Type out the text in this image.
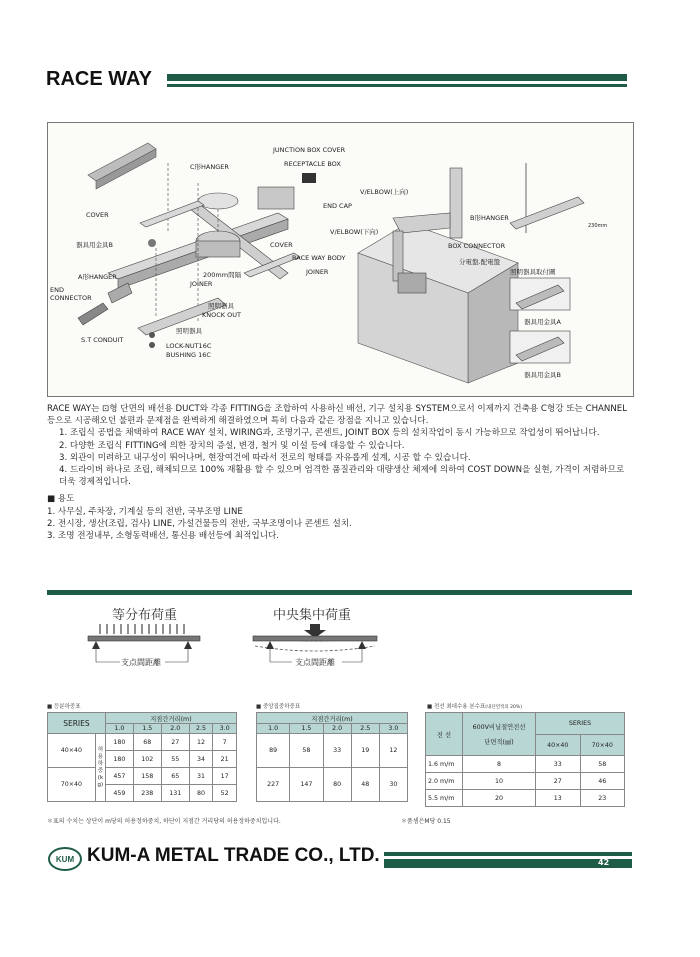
RACE WAY
JUNCTION BOX COVER
C形HANGER	RECEPTACLE BOX
END CAP
COVER
器具用金具B
A形HANGER
END
CONNECTOR
S.T CONDUIT
COVER
RACE WAY BODY
200mm間隔
JOINER
JOINER
照明器具
KNOCK OUT
照明器具
LOCK-NUT16C
BUSHING 16C
V/ELBOW(上向)
V/ELBOW(下向)
B形HANGER
BOX CONNECTOR
分電盤.配電盤
照明器具取付圖
器具用金具A
器具用金具B
230mm

RACE WAY는 ⊡형 단면의 배선용 DUCT와 각종 FITTING을 조합하여 사용하신 배선, 기구 설치용 SYSTEM으로서 이제까지 건축용 C형강 또는 CHANNEL 등으로 시공해오던 불편과 문제점을 완벽하게 해결하였으며 특히 다음과 같은 장점을 지니고 있습니다.

1. 조립식 공법을 채택하여 RACE WAY 설치, WIRING과, 조명기구, 콘센트, JOINT BOX 등의 설치작업이 동시 가능하므로 작업성이 뛰어납니다.

2. 다양한 조립식 FITTING에 의한 장치의 증설, 변경, 철거 및 이설 등에 대응할 수 있습니다.

3. 외관이 미려하고 내구성이 뛰어나며, 현장여건에 따라서 전로의 형태를 자유롭게 설계, 시공 할 수 있습니다.

4. 드라이버 하나로 조립, 해체되므로 100% 재활용 할 수 있으며 엄격한 품질관리와 대량생산 체제에 의하여 COST DOWN을 실현, 가격이 저렴하므로 더욱 경제적입니다.

■ 용도

1. 사무실, 주차장, 기계실 등의 전반, 국부조명 LINE

2. 전시장, 생산(조립, 검사) LINE, 가설건물등의 전반, 국부조명이나 콘센트 설치.

3. 조명 전정내부, 소형동력배선, 통신용 배선등에 최적입니다.

等分布荷重	中央集中荷重
支点間距離	支点間距離
■ 등분하중표
SERIES		지점간거리(m)				
		1.0	1.5	2.0	2.5	3.0
40×40	허용하중(kg)	180	68	27	12	7
		180	102	55	34	21
70×40		457	158	65	31	17
		459	238	131	80	52
■ 중앙집중하중표
지점간거리(m)				
1.0	1.5	2.0	2.5	3.0
89	58	33	19	12
227	147	80	48	30
■ 전선 최대수용 본수표(내단면적의 20%)
전 선	600V비닐절연전선
단면적(㎟)	SERIES	
		40×40	70×40
1.6 m/m	8	33	58
2.0 m/m	10	27	46
5.5 m/m	20	13	23
＊표의 수치는 상단이 m당의 허용정하중치, 하단이 지점간 거리당의 허용정하중치입니다.	＊품셈은M당 0.15
KUM KUM-A METAL TRADE CO., LTD.	42
